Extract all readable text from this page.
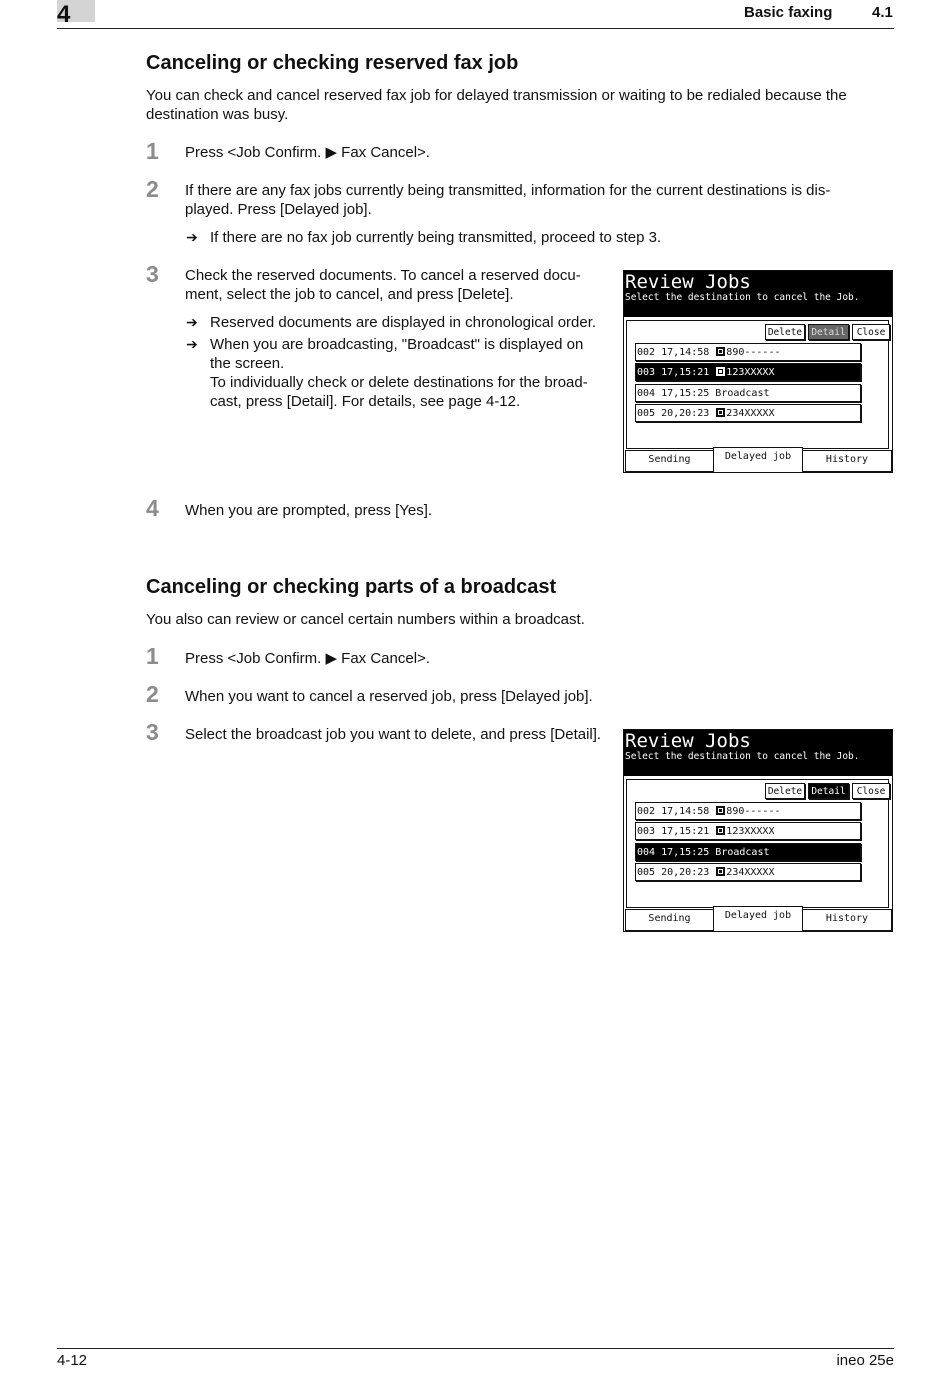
4	Basic faxing	4.1
Canceling or checking reserved fax job
You can check and cancel reserved fax job for delayed transmission or waiting to be redialed because the
destination was busy.
1 Press <Job Confirm. ▶ Fax Cancel>.
2 If there are any fax jobs currently being transmitted, information for the current destinations is dis-
played. Press [Delayed job].
➔ If there are no fax job currently being transmitted, proceed to step 3.
3 Check the reserved documents. To cancel a reserved docu-
ment, select the job to cancel, and press [Delete].
➔ Reserved documents are displayed in chronological order.
➔ When you are broadcasting, "Broadcast" is displayed on
the screen.
To individually check or delete destinations for the broad-
cast, press [Detail]. For details, see page 4-12.
Review Jobs
Select the destination to cancel the Job.
Delete Detail	Close
002 17,14:58 890------
003 17,15:21 123XXXXX
004 17,15:25 Broadcast
005 20,20:23 234XXXXX
Sending	Delayed job	History
4 When you are prompted, press [Yes].
Canceling or checking parts of a broadcast
You also can review or cancel certain numbers within a broadcast.
1 Press <Job Confirm. ▶ Fax Cancel>.
2 When you want to cancel a reserved job, press [Delayed job].
3 Select the broadcast job you want to delete, and press [Detail]. Review Jobs
Select the destination to cancel the Job.
Delete Detail	Close
002 17,14:58 890------
003 17,15:21 123XXXXX
004 17,15:25 Broadcast
005 20,20:23 234XXXXX
Sending	Delayed job	History
4-12	ineo 25e
